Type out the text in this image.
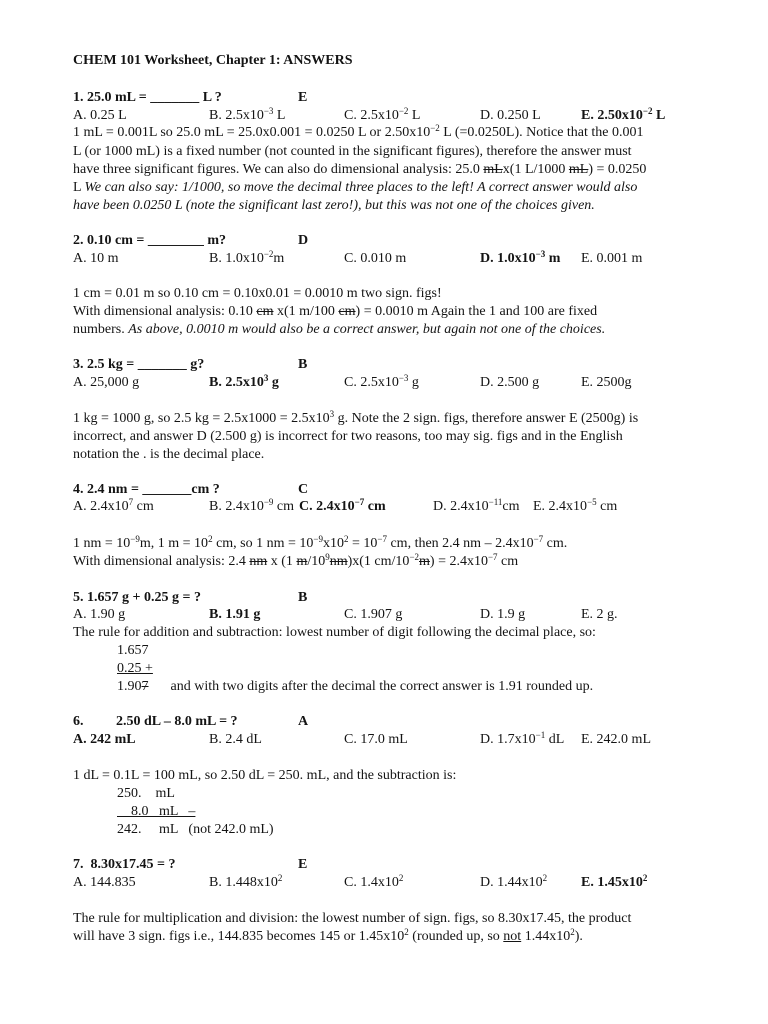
CHEM 101 Worksheet, Chapter 1: ANSWERS
1. 25.0 mL = _______ L ?	E
A. 0.25 L	B. $2.5x10^{-3}$ L	C. $2.5x10^{-2}$ L	D. 0.250 L	E. $2.50x10^{-2}$ L
1 mL = 0.001L so 25.0 mL = 25.0x0.001 = 0.0250 L or $2.50x10^{-2}$ L (=0.0250L). Notice that the 0.001
L (or 1000 mL) is a fixed number (not counted in the significant figures), therefore the answer must
have three significant figures. We can also do dimensional analysis: 25.0 mLx(1 L/1000 mL) = 0.0250
L We can also say: 1/1000, so move the decimal three places to the left! A correct answer would also
have been 0.0250 L (note the significant last zero!), but this was not one of the choices given.
2. 0.10 cm = ________ m?	D
A. 10 m	B. $1.0x10^{-2}m$	C. 0.010 m	D. $1.0x10^{-3}$ m E. 0.001 m
1 cm = 0.01 m so 0.10 cm = 0.10x0.01 = 0.0010 m two sign. figs!
With dimensional analysis: 0.10 cm x(1 m/100 cm) = 0.0010 m Again the 1 and 100 are fixed
numbers. As above, 0.0010 m would also be a correct answer, but again not one of the choices.
3. 2.5 kg = _______ g?	B
A. 25,000 g	B. $2.5x10^3$ g	C. $2.5x10^{-3}$ g	D. 2.500 g	E. 2500g
1 kg = 1000 g, so 2.5 kg = $2.5x1000 = 2.5x10^3$ g. Note the 2 sign. figs, therefore answer E (2500g) is
incorrect, and answer D (2.500 g) is incorrect for two reasons, too may sig. figs and in the English
notation the . is the decimal place.
4. 2.4 nm = _______cm ?	C
A. $2.4x10^7$ cm	B. $2.4x10^{-9}$ cm C. $2.4x10^{-7}$ cm	D. $2.4x10^{-11}cm$ E. $2.4x10^{-5}$ cm
1 nm = $10^{-9}m$, 1 $m = 10^2$ cm, so 1 nm = $10^{-9}x10^2 = 10^{-7}$ cm, then 2.4 nm – $2.4x10^{-7}$ cm.
With dimensional analysis: 2.4 nm x (1 $m/10^9nm)x(1$ $cm/10^{-2}m) = 2.4x10^{-7}$ cm
5. 1.657 g + 0.25 g = ?	B
A. 1.90 g	B. 1.91 g	C. 1.907 g	D. 1.9 g	E. 2 g.
The rule for addition and subtraction: lowest number of digit following the decimal place, so:
1.657
0.25 +
1.907 and with two digits after the decimal the correct answer is 1.91 rounded up.
6. 2.50 dL – 8.0 mL = ?	A
A. 242 mL	B. 2.4 dL	C. 17.0 mL	D. $1.7x10^{-1}$ dL E. 242.0 mL
1 dL = 0.1L = 100 mL, so 2.50 dL = 250. mL, and the subtraction is:
250.    mL
8.0   mL   –
242.     mL   (not 242.0 mL)
7.  8.30x17.45 = ?	E
A. 144.835	B. $1.448x10^2$	C. $1.4x10^2$	D. $1.44x10^2$ E. $1.45x10^2$
The rule for multiplication and division: the lowest number of sign. figs, so 8.30x17.45, the product
will have 3 sign. figs i.e., 144.835 becomes 145 or $1.45x10^2$ (rounded up, so not $1.44x10^2$).
